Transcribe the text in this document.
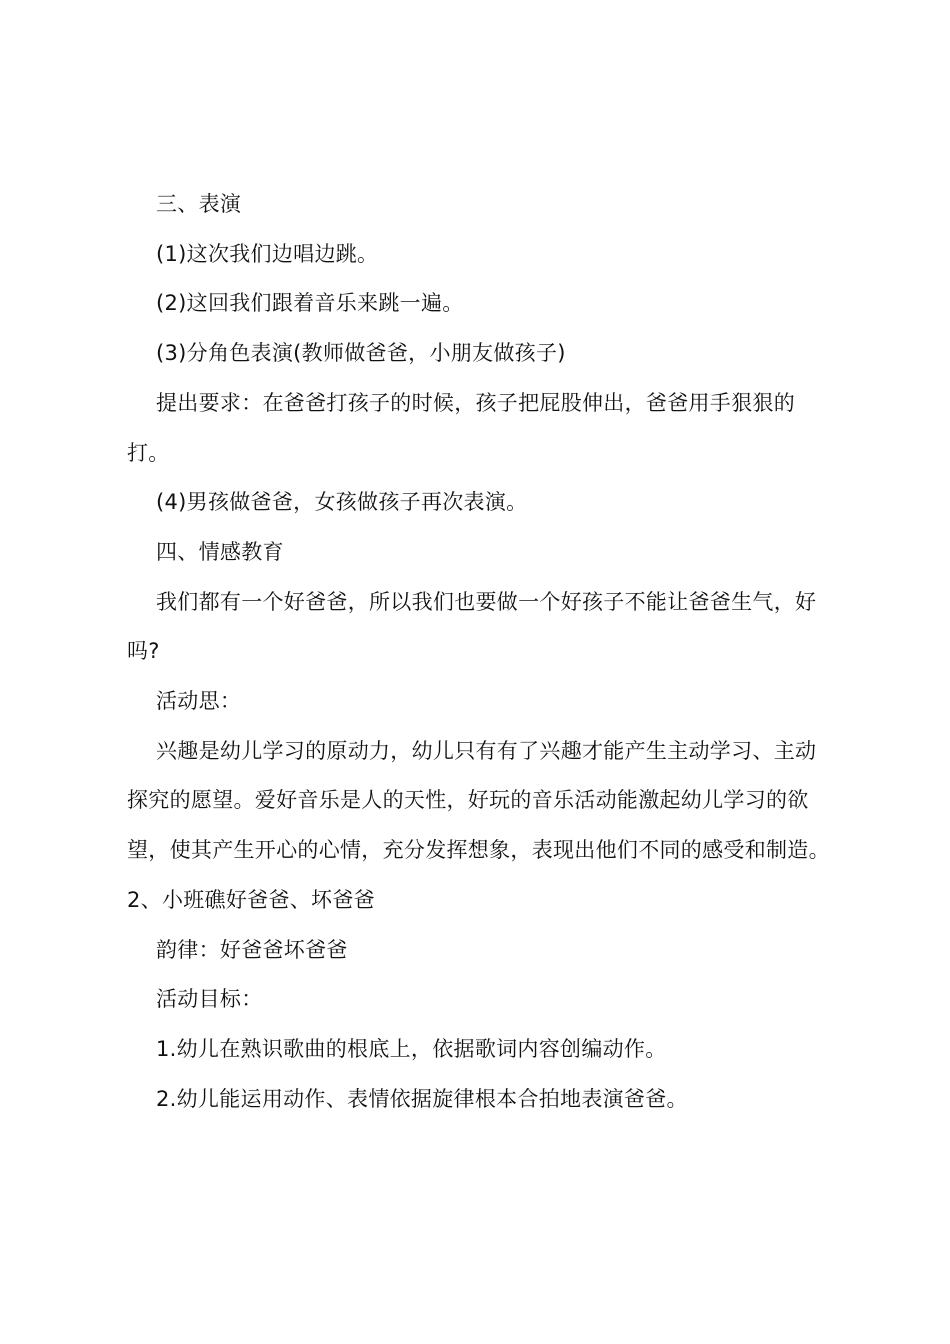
三、表演

(1)这次我们边唱边跳。

(2)这回我们跟着音乐来跳一遍。

(3)分角色表演(教师做爸爸，小朋友做孩子)

提出要求：在爸爸打孩子的时候，孩子把屁股伸出，爸爸用手狠狠的打。

(4)男孩做爸爸，女孩做孩子再次表演。

四、情感教育

我们都有一个好爸爸，所以我们也要做一个好孩子不能让爸爸生气，好吗?

活动思：

兴趣是幼儿学习的原动力，幼儿只有有了兴趣才能产生主动学习、主动探究的愿望。爱好音乐是人的天性，好玩的音乐活动能激起幼儿学习的欲望，使其产生开心的心情，充分发挥想象，表现出他们不同的感受和制造。

2、小班礁好爸爸、坏爸爸

韵律：好爸爸坏爸爸

活动目标：

1.幼儿在熟识歌曲的根底上，依据歌词内容创编动作。

2.幼儿能运用动作、表情依据旋律根本合拍地表演爸爸。
